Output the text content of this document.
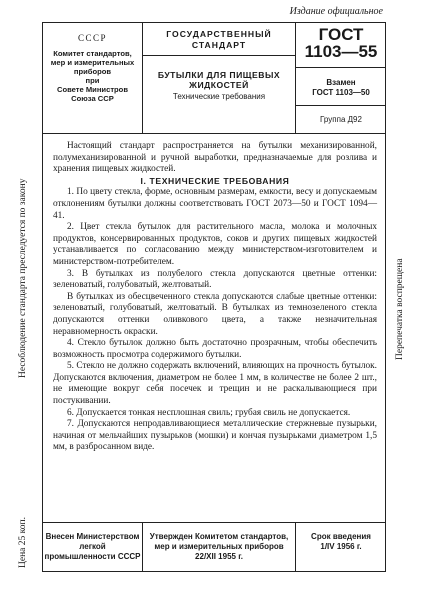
Издание официальное
Цена 25 коп.
Несоблюдение стандарта преследуется по закону	Перепечатка воспрещена
СССР
Комитет стандартов,
мер и измерительных
приборов
при
Совете Министров
Союза ССР
ГОСУДАРСТВЕННЫЙ
СТАНДАРТ
БУТЫЛКИ ДЛЯ ПИЩЕВЫХ
ЖИДКОСТЕЙ
Технические требования
ГОСТ
1103—55
Взамен
ГОСТ 1103—50
Группа Д92

Настоящий стандарт распространяется на бутылки механизированной, полумеханизированной и ручной выработки, предназначаемые для розлива и хранения пищевых жидкостей.

I. ТЕХНИЧЕСКИЕ ТРЕБОВАНИЯ

1. По цвету стекла, форме, основным размерам, емкости, весу и допускаемым отклонениям бутылки должны соответствовать ГОСТ 2073—50 и ГОСТ 1094—41.

2. Цвет стекла бутылок для растительного масла, молока и молочных продуктов, консервированных продуктов, соков и других пищевых жидкостей устанавливается по согласованию между министерством-изготовителем и министерством-потребителем.

3. В бутылках из полубелого стекла допускаются цветные оттенки: зеленоватый, голубоватый, желтоватый.

В бутылках из обесцвеченного стекла допускаются слабые цветные оттенки: зеленоватый, голубоватый, желтоватый. В бутылках из темнозеленого стекла допускаются оттенки оливкового цвета, а также незначительная неравномерность окраски.

4. Стекло бутылок должно быть достаточно прозрачным, чтобы обеспечить возможность просмотра содержимого бутылки.

5. Стекло не должно содержать включений, влияющих на прочность бутылок. Допускаются включения, диаметром не более 1 мм, в количестве не более 2 шт., не имеющие вокруг себя посечек и трещин и не раскалывающиеся при постукивании.

6. Допускается тонкая несплошная свиль; грубая свиль не допускается.

7. Допускаются непродавливающиеся металлические стержневые пузырьки, начиная от мельчайших пузырьков (мошки) и кончая пузырьками диаметром 1,5 мм, в разбросанном виде.

Внесен Министерством
легкой
промышленности СССР
Утвержден Комитетом стандартов,
мер и измерительных приборов
22/XII 1955 г.
Срок введения
1/IV 1956 г.
